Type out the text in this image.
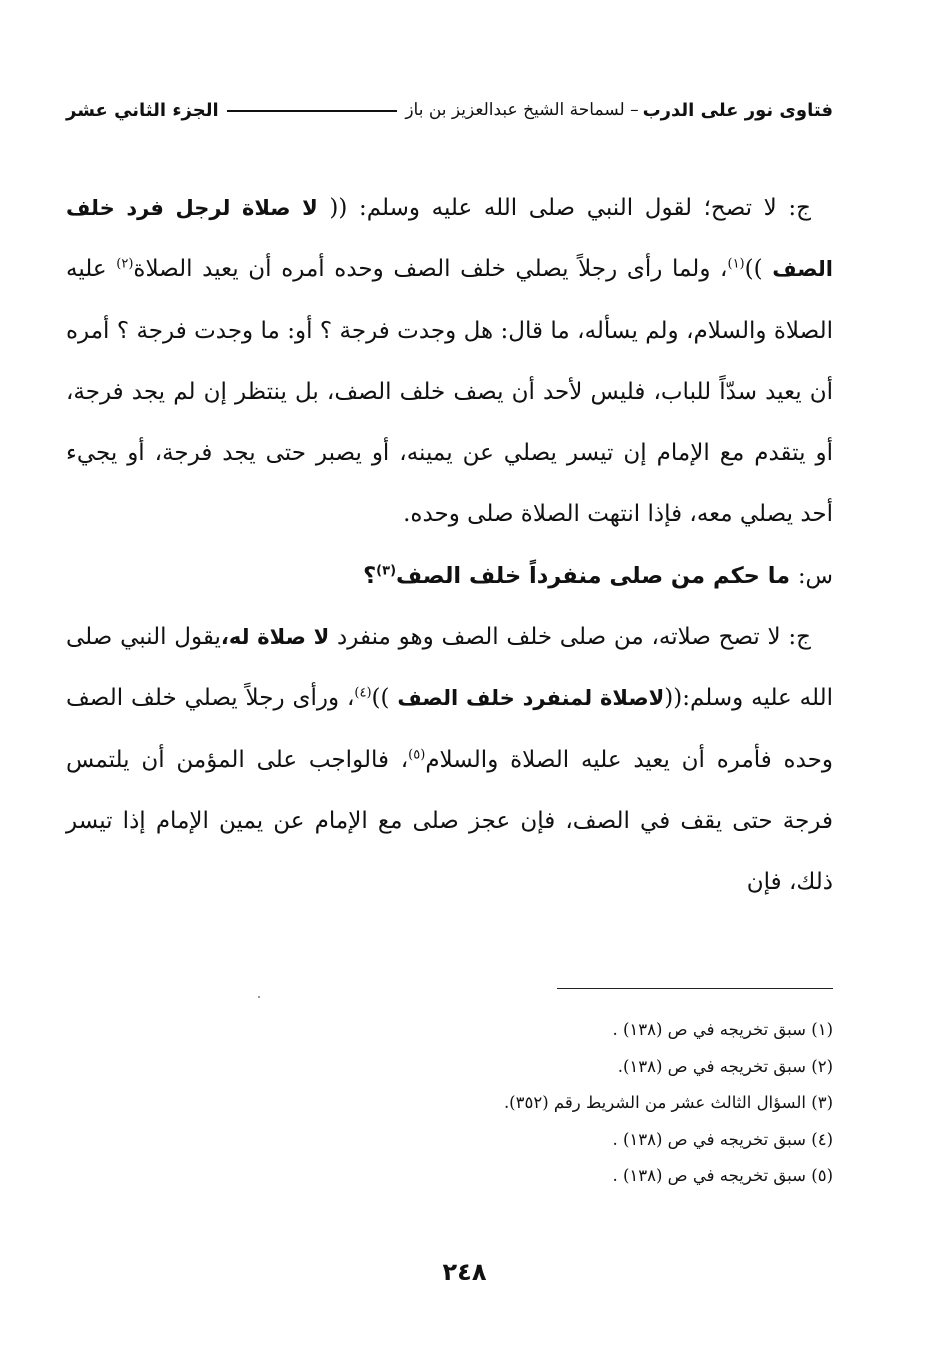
فتاوى نور على الدرب
– لسماحة الشيخ عبدالعزيز بن باز
الجزء الثاني عشر

ج: لا تصح؛ لقول النبي صلى الله عليه وسلم: (( لا صلاة لرجل فرد خلف الصف ))$^{(١)}$، ولما رأى رجلاً يصلي خلف الصف وحده أمره أن يعيد الصلاة$^{(٢)}$ عليه الصلاة والسلام، ولم يسأله، ما قال: هل وجدت فرجة ؟ أو: ما وجدت فرجة ؟ أمره أن يعيد سدّاً للباب، فليس لأحد أن يصف خلف الصف، بل ينتظر إن لم يجد فرجة، أو يتقدم مع الإمام إن تيسر يصلي عن يمينه، أو يصبر حتى يجد فرجة، أو يجيء أحد يصلي معه، فإذا انتهت الصلاة صلى وحده.

س: ما حكم من صلى منفرداً خلف الصف$^{(٣)}$؟

ج: لا تصح صلاته، من صلى خلف الصف وهو منفرد لا صلاة له،يقول النبي صلى الله عليه وسلم:((لاصلاة لمنفرد خلف الصف ))$^{(٤)}$، ورأى رجلاً يصلي خلف الصف وحده فأمره أن يعيد عليه الصلاة والسلام$^{(٥)}$، فالواجب على المؤمن أن يلتمس فرجة حتى يقف في الصف، فإن عجز صلى مع الإمام عن يمين الإمام إذا تيسر ذلك، فإن

(١) سبق تخريجه في ص (١٣٨) .

(٢) سبق تخريجه في ص (١٣٨).

(٣) السؤال الثالث عشر من الشريط رقم (٣٥٢).

(٤) سبق تخريجه في ص (١٣٨) .

(٥) سبق تخريجه في ص (١٣٨) .

٢٤٨
